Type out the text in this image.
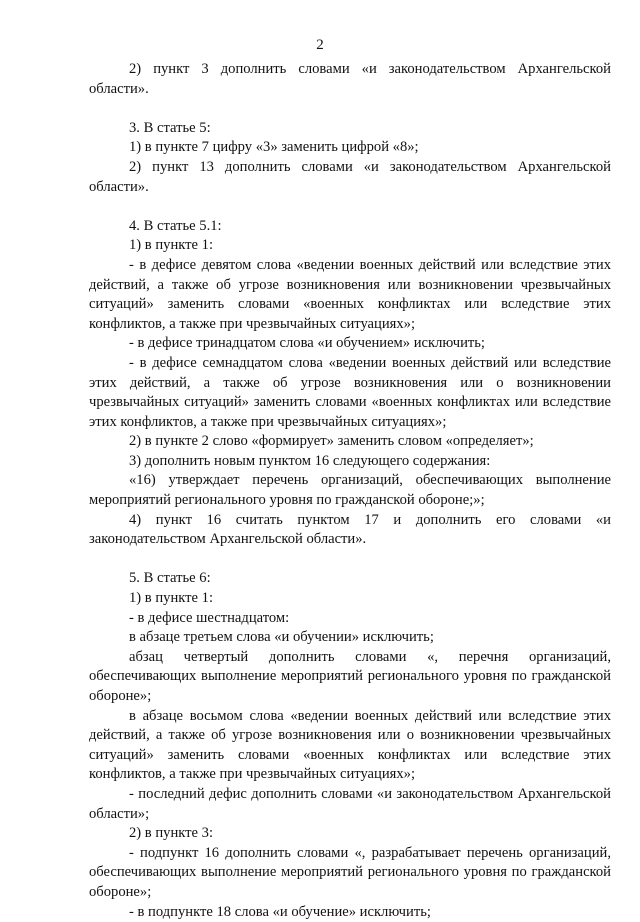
2

2) пункт 3 дополнить словами «и законодательством Архангельской области».

3. В статье 5:

1) в пункте 7 цифру «3» заменить цифрой «8»;

2) пункт 13 дополнить словами «и законодательством Архангельской области».

4. В статье 5.1:

1) в пункте 1:

- в дефисе девятом слова «ведении военных действий или вследствие этих действий, а также об угрозе возникновения или возникновении чрезвычайных ситуаций» заменить словами «военных конфликтах или вследствие этих конфликтов, а также при чрезвычайных ситуациях»;

- в дефисе тринадцатом слова «и обучением» исключить;

- в дефисе семнадцатом слова «ведении военных действий или вследствие этих действий, а также об угрозе возникновения или о возникновении чрезвычайных ситуаций» заменить словами «военных конфликтах или вследствие этих конфликтов, а также при чрезвычайных ситуациях»;

2) в пункте 2 слово «формирует» заменить словом «определяет»;

3) дополнить новым пунктом 16 следующего содержания:

«16) утверждает перечень организаций, обеспечивающих выполнение мероприятий регионального уровня по гражданской обороне;»;

4) пункт 16 считать пунктом 17 и дополнить его словами «и законодательством Архангельской области».

5. В статье 6:

1) в пункте 1:

- в дефисе шестнадцатом:

в абзаце третьем слова «и обучении» исключить;

абзац четвертый дополнить словами «, перечня организаций, обеспечивающих выполнение мероприятий регионального уровня по гражданской обороне»;

в абзаце восьмом слова «ведении военных действий или вследствие этих действий, а также об угрозе возникновения или о возникновении чрезвычайных ситуаций» заменить словами «военных конфликтах или вследствие этих конфликтов, а также при чрезвычайных ситуациях»;

- последний дефис дополнить словами «и законодательством Архангельской области»;

2) в пункте 3:

- подпункт 16 дополнить словами «, разрабатывает перечень организаций, обеспечивающих выполнение мероприятий регионального уровня по гражданской обороне»;

- в подпункте 18 слова «и обучение» исключить;
